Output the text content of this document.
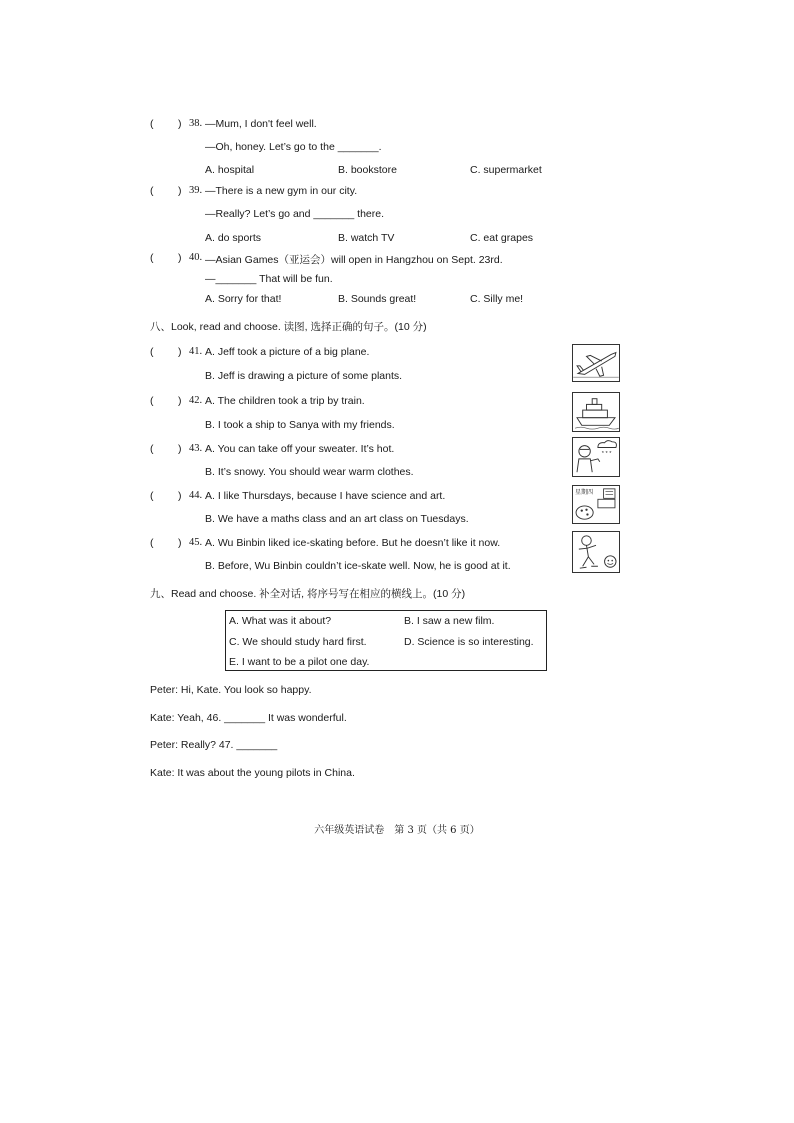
( ) 38. —Mum, I don't feel well.
—Oh, honey. Let’s go to the _______.
A. hospital	B. bookstore	C. supermarket
( ) 39. —There is a new gym in our city.
—Really? Let’s go and _______ there.
A. do sports	B. watch TV	C. eat grapes
( ) 40. —Asian Games（亚运会）will open in Hangzhou on Sept. 23rd.
—_______ That will be fun.
A. Sorry for that!	B. Sounds great!	C. Silly me!
八、Look, read and choose. 读图, 选择正确的句子。(10 分)
( ) 41. A. Jeff took a picture of a big plane.
B. Jeff is drawing a picture of some plants.
( ) 42. A. The children took a trip by train.
B. I took a ship to Sanya with my friends.
( ) 43. A. You can take off your sweater. It’s hot.
B. It’s snowy. You should wear warm clothes.
* * *
( ) 44. A. I like Thursdays, because I have science and art.
B. We have a maths class and an art class on Tuesdays.
星期四
( ) 45. A. Wu Binbin liked ice-skating before. But he doesn’t like it now.
B. Before, Wu Binbin couldn’t ice-skate well. Now, he is good at it.
九、Read and choose. 补全对话, 将序号写在相应的横线上。(10 分)
A. What was it about?	B. I saw a new film.
C. We should study hard first.	D. Science is so interesting.
E. I want to be a pilot one day.
Peter: Hi, Kate. You look so happy.
Kate: Yeah, 46. _______ It was wonderful.
Peter: Really? 47. _______
Kate: It was about the young pilots in China.
六年级英语试卷　第 3 页（共 6 页）
